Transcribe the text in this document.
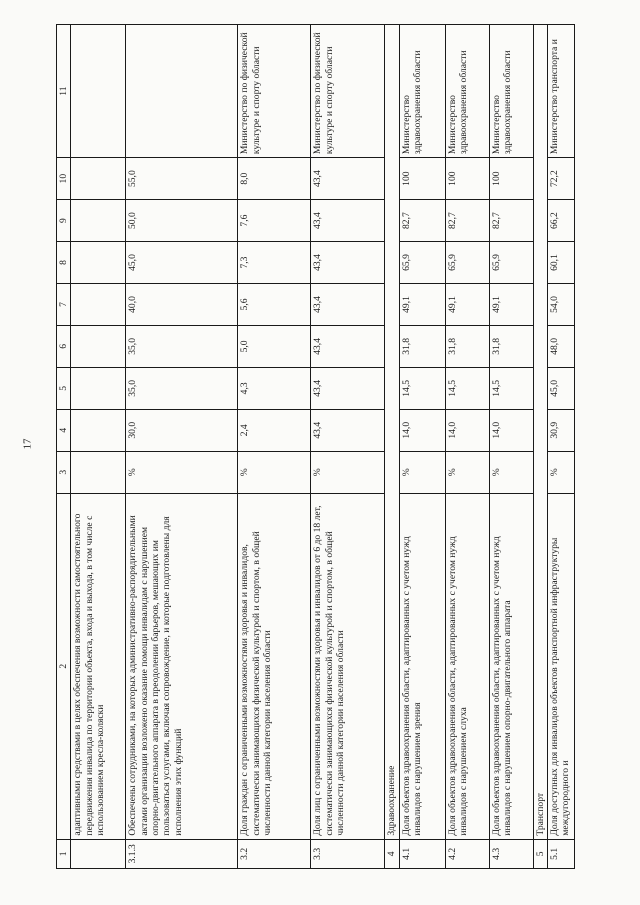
17
1	2	3	4	5	6	7	8	9	10	11
	адаптивными средствами в целях обеспечения возможности самостоятельного передвижения инвалида по территории объекта, входа и выхода, в том числе с использованием кресла-коляски									
3.1.3	Обеспечены сотрудниками, на которых административно-распорядительными актами организации возложено оказание помощи инвалидам с нарушением опорно-двигательного аппарата в преодолении барьеров, мешающих им пользоваться услугами, включая сопровождение, и которые подготовлены для исполнения этих функций	%	30,0	35,0	35,0	40,0	45,0	50,0	55,0	
3.2	Доля граждан с ограниченными возможностями здоровья и инвалидов, систематически занимающихся физической культурой и спортом, в общей численности данной категории населения области	%	2,4	4,3	5,0	5,6	7,3	7,6	8,0	Министерство по физической культуре и спорту области
3.3	Доля лиц с ограниченными возможностями здоровья и инвалидов от 6 до 18 лет, систематически занимающихся физической культурой и спортом, в общей численности данной категории населения области	%	43,4	43,4	43,4	43,4	43,4	43,4	43,4	Министерство по физической культуре и спорту области
4	Здравоохранение									
4.1	Доля объектов здравоохранения области, адаптированных с учетом нужд инвалидов с нарушением зрения	%	14,0	14,5	31,8	49,1	65,9	82,7	100	Министерство здравоохранения области
4.2	Доля объектов здравоохранения области, адаптированных с учетом нужд инвалидов с нарушением слуха	%	14,0	14,5	31,8	49,1	65,9	82,7	100	Министерство здравоохранения области
4.3	Доля объектов здравоохранения области, адаптированных с учетом нужд инвалидов с нарушением опорно-двигательного аппарата	%	14,0	14,5	31,8	49,1	65,9	82,7	100	Министерство здравоохранения области
5	Транспорт									
5.1	Доля доступных для инвалидов объектов транспортной инфраструктуры междугородного и	%	30,9	45,0	48,0	54,0	60,1	66,2	72,2	Министерство транспорта и
